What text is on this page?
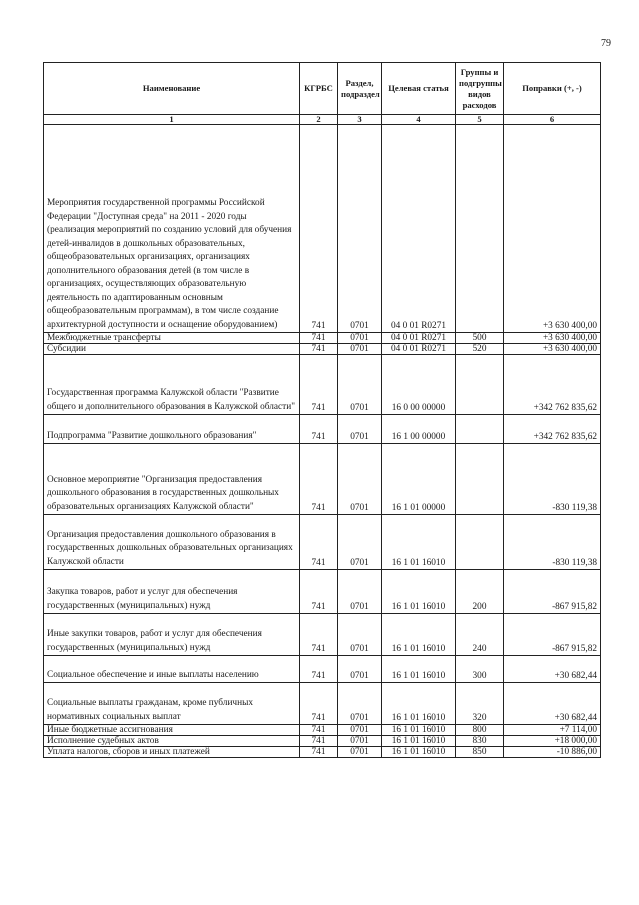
79
Наименование	КГРБС	Раздел, подраздел	Целевая статья	Группы и подгруппы видов расходов	Поправки (+, -)
1	2	3	4	5	6
Мероприятия государственной программы Российской Федерации "Доступная среда" на 2011 - 2020 годы (реализация мероприятий по созданию условий для обучения детей-инвалидов в дошкольных образовательных, общеобразовательных организациях, организациях дополнительного образования детей (в том числе в организациях, осуществляющих образовательную деятельность по адаптированным основным общеобразовательным программам), в том числе создание архитектурной доступности и оснащение оборудованием)	741	0701	04 0 01 R0271		+3 630 400,00
Межбюджетные трансферты	741	0701	04 0 01 R0271	500	+3 630 400,00
Субсидии	741	0701	04 0 01 R0271	520	+3 630 400,00
Государственная программа Калужской области "Развитие общего и дополнительного образования в Калужской области"	741	0701	16 0 00 00000		+342 762 835,62
Подпрограмма "Развитие дошкольного образования"	741	0701	16 1 00 00000		+342 762 835,62
Основное мероприятие "Организация предоставления дошкольного образования в государственных дошкольных образовательных организациях Калужской области"	741	0701	16 1 01 00000		-830 119,38
Организация предоставления дошкольного образования в государственных дошкольных образовательных организациях Калужской области	741	0701	16 1 01 16010		-830 119,38
Закупка товаров, работ и услуг для обеспечения государственных (муниципальных) нужд	741	0701	16 1 01 16010	200	-867 915,82
Иные закупки товаров, работ и услуг для обеспечения государственных (муниципальных) нужд	741	0701	16 1 01 16010	240	-867 915,82
Социальное обеспечение и иные выплаты населению	741	0701	16 1 01 16010	300	+30 682,44
Социальные выплаты гражданам, кроме публичных нормативных социальных выплат	741	0701	16 1 01 16010	320	+30 682,44
Иные бюджетные ассигнования	741	0701	16 1 01 16010	800	+7 114,00
Исполнение судебных актов	741	0701	16 1 01 16010	830	+18 000,00
Уплата налогов, сборов и иных платежей	741	0701	16 1 01 16010	850	-10 886,00
